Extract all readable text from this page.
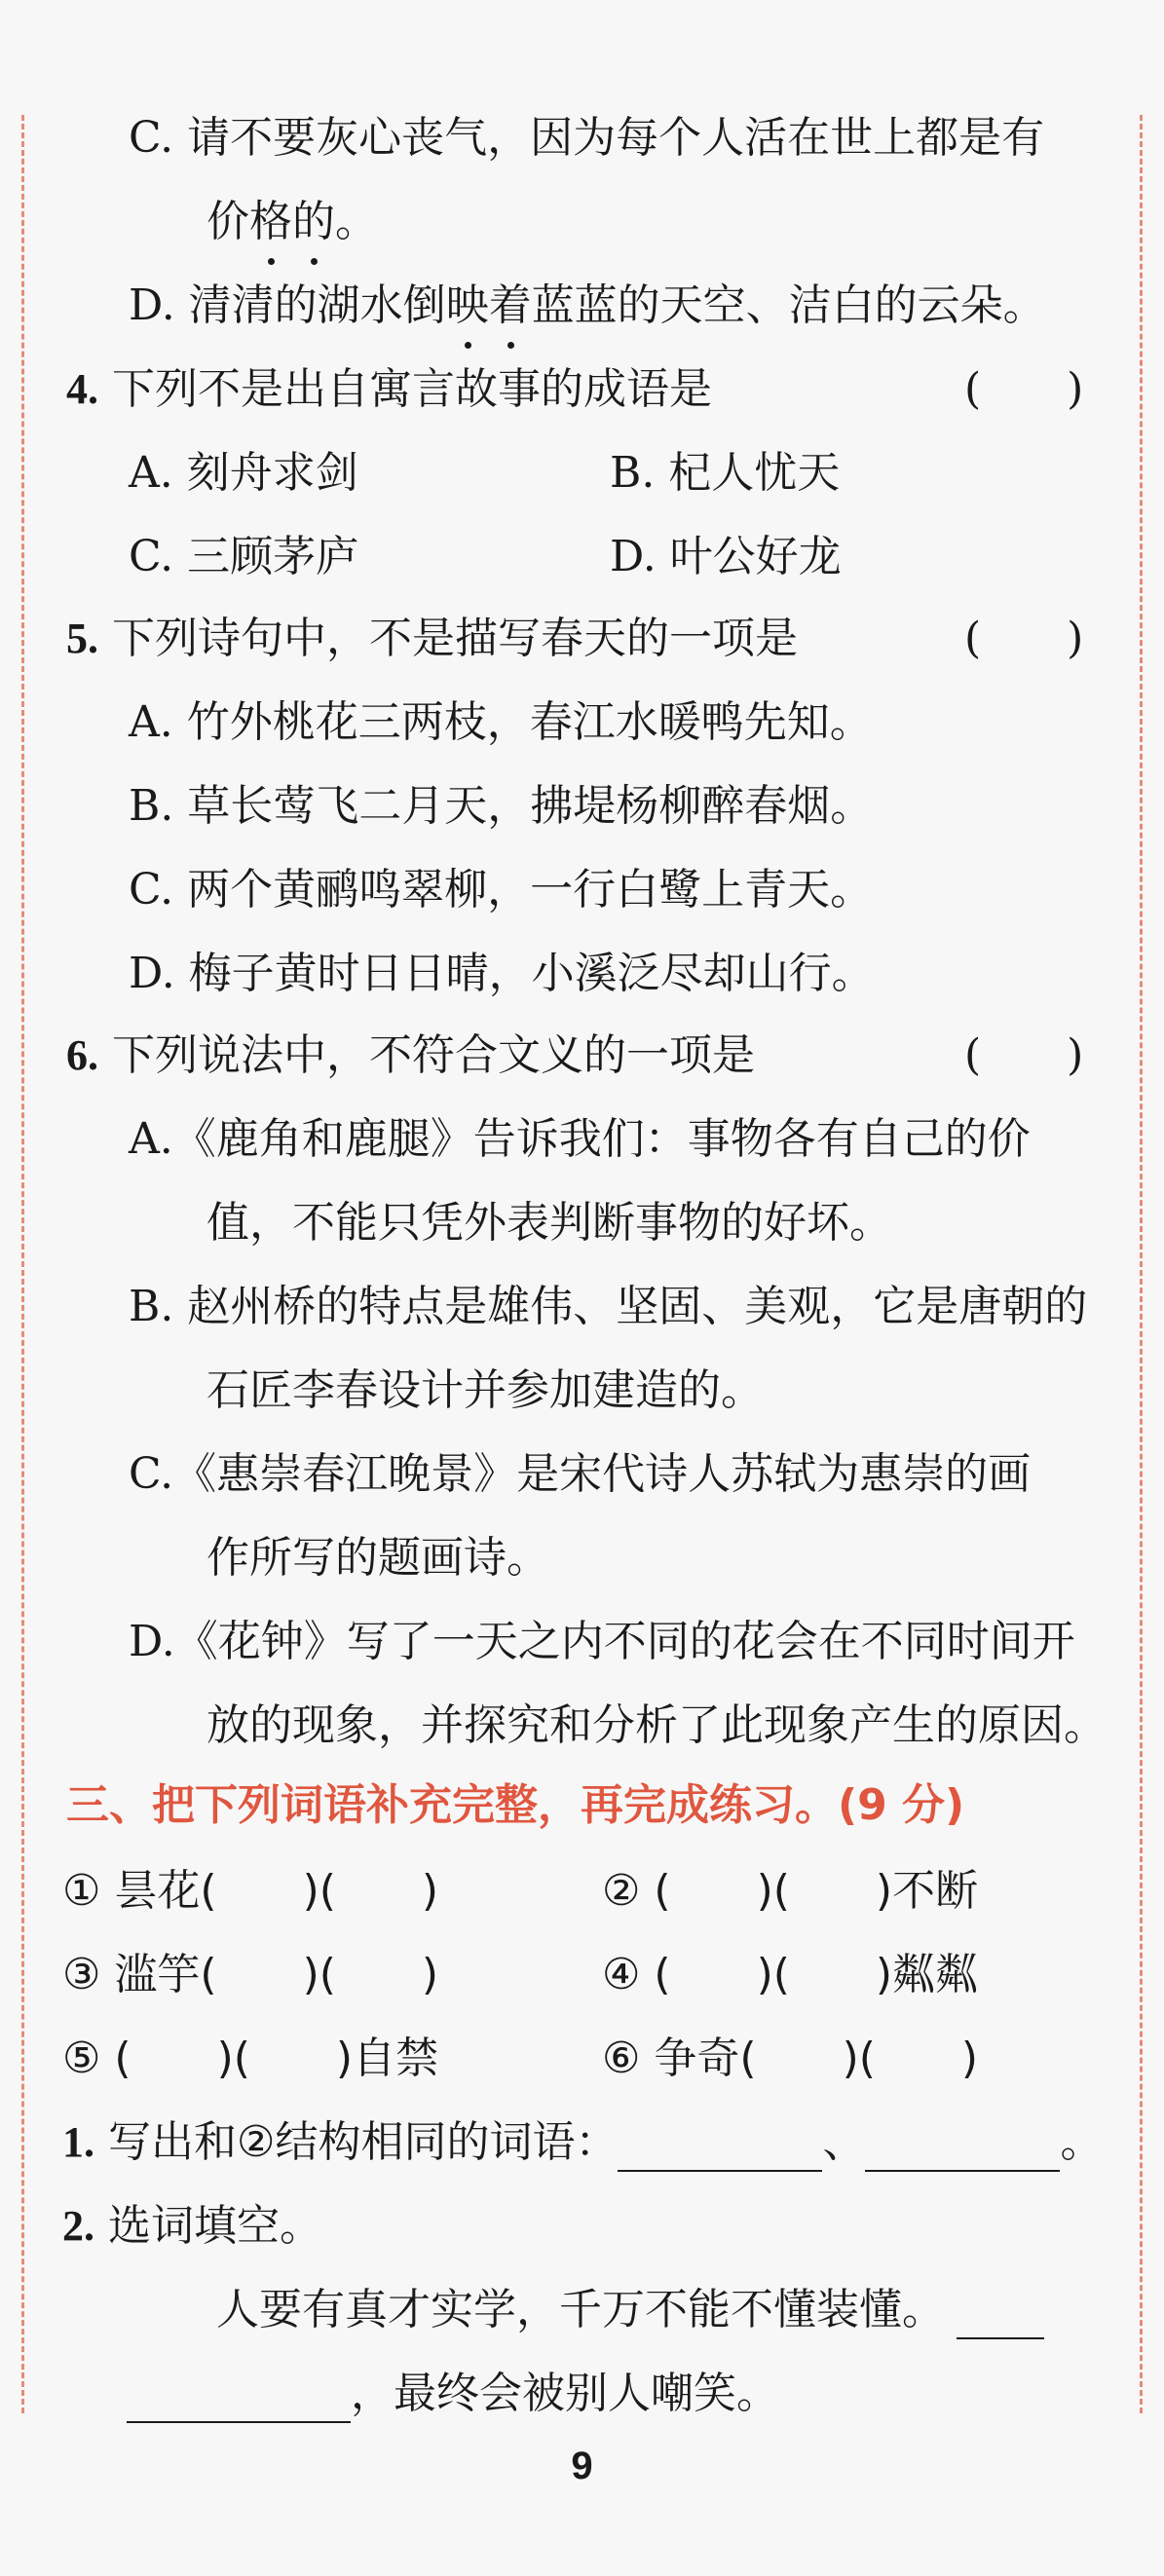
C. 请不要灰心丧气，因为每个人活在世上都是有
价格的。
D. 清清的湖水倒映着蓝蓝的天空、洁白的云朵。
4. 下列不是出自寓言故事的成语是	(　　)
A. 刻舟求剑	B. 杞人忧天
C. 三顾茅庐	D. 叶公好龙
5. 下列诗句中，不是描写春天的一项是	(　　)
A. 竹外桃花三两枝，春江水暖鸭先知。
B. 草长莺飞二月天，拂堤杨柳醉春烟。
C. 两个黄鹂鸣翠柳，一行白鹭上青天。
D. 梅子黄时日日晴，小溪泛尽却山行。
6. 下列说法中，不符合文义的一项是	(　　)
A.《鹿角和鹿腿》告诉我们：事物各有自己的价
值，不能只凭外表判断事物的好坏。
B. 赵州桥的特点是雄伟、坚固、美观，它是唐朝的
石匠李春设计并参加建造的。
C.《惠崇春江晚景》是宋代诗人苏轼为惠崇的画
作所写的题画诗。
D.《花钟》写了一天之内不同的花会在不同时间开
放的现象，并探究和分析了此现象产生的原因。
三、把下列词语补充完整，再完成练习。(9 分)
① 昙花(　　)(　　)	② (　　)(　　)不断
③ 滥竽(　　)(　　)	④ (　　)(　　)粼粼
⑤ (　　)(　　)自禁	⑥ 争奇(　　)(　　)
1. 写出和②结构相同的词语：	、	。
2. 选词填空。
人要有真才实学，千万不能不懂装懂。
，最终会被别人嘲笑。
9
